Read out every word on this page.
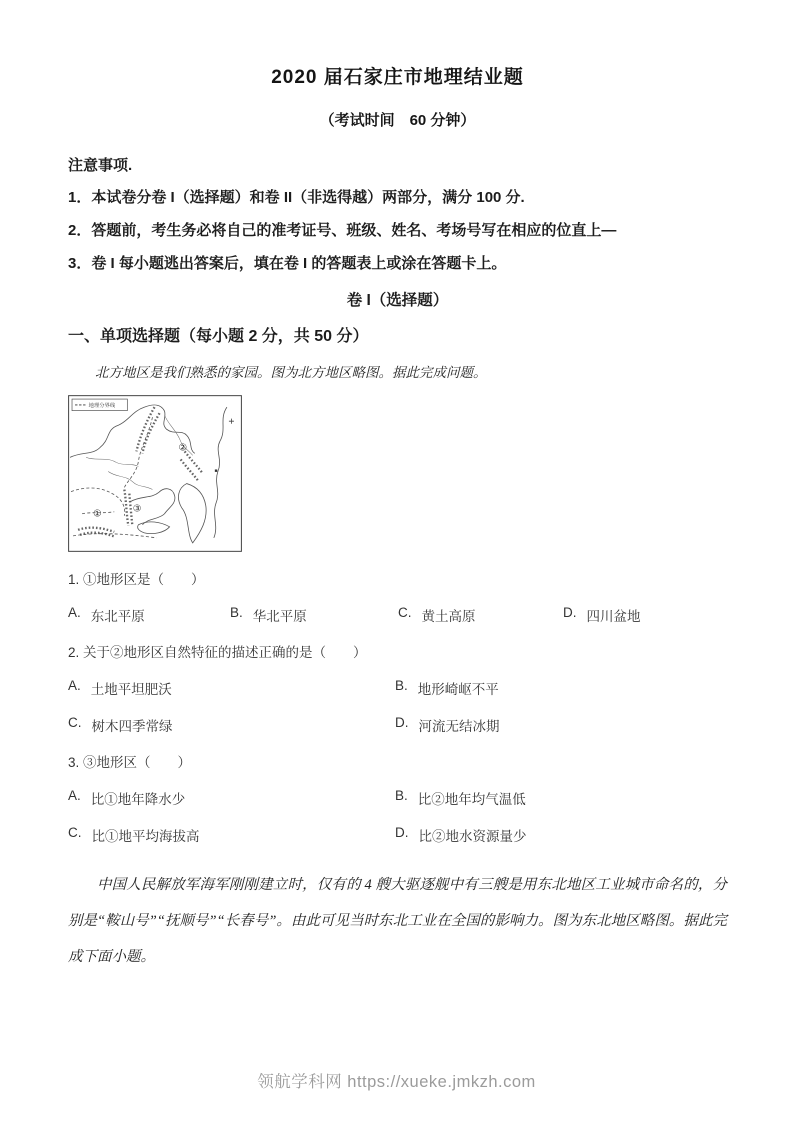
2020 届石家庄市地理结业题
（考试时间　60 分钟）
注意事项.
1．本试卷分卷 I（选择题）和卷 II（非选得越）两部分，满分 100 分.
2．答题前，考生务必将自己的准考证号、班级、姓名、考场号写在相应的位直上—
3．卷 I 每小题逃出答案后，填在卷 I 的答题表上或涂在答题卡上。
卷 I（选择题）
一、单项选择题（每小题 2 分，共 50 分）

北方地区是我们熟悉的家园。图为北方地区略图。据此完成问题。

地理分界线
①
②
③
1. ①地形区是（　　）
A. 东北平原	B. 华北平原	C. 黄土高原	D. 四川盆地
2. 关于②地形区自然特征的描述正确的是（　　）
A. 土地平坦肥沃	B. 地形崎岖不平
C. 树木四季常绿	D. 河流无结冰期
3. ③地形区（　　）
A. 比①地年降水少	B. 比②地年均气温低
C. 比①地平均海拔高	D. 比②地水资源量少

中国人民解放军海军刚刚建立时，仅有的 4 艘大驱逐舰中有三艘是用东北地区工业城市命名的，分别是“鞍山号”“抚顺号”“长春号”。由此可见当时东北工业在全国的影响力。图为东北地区略图。据此完成下面小题。

领航学科网 https://xueke.jmkzh.com
